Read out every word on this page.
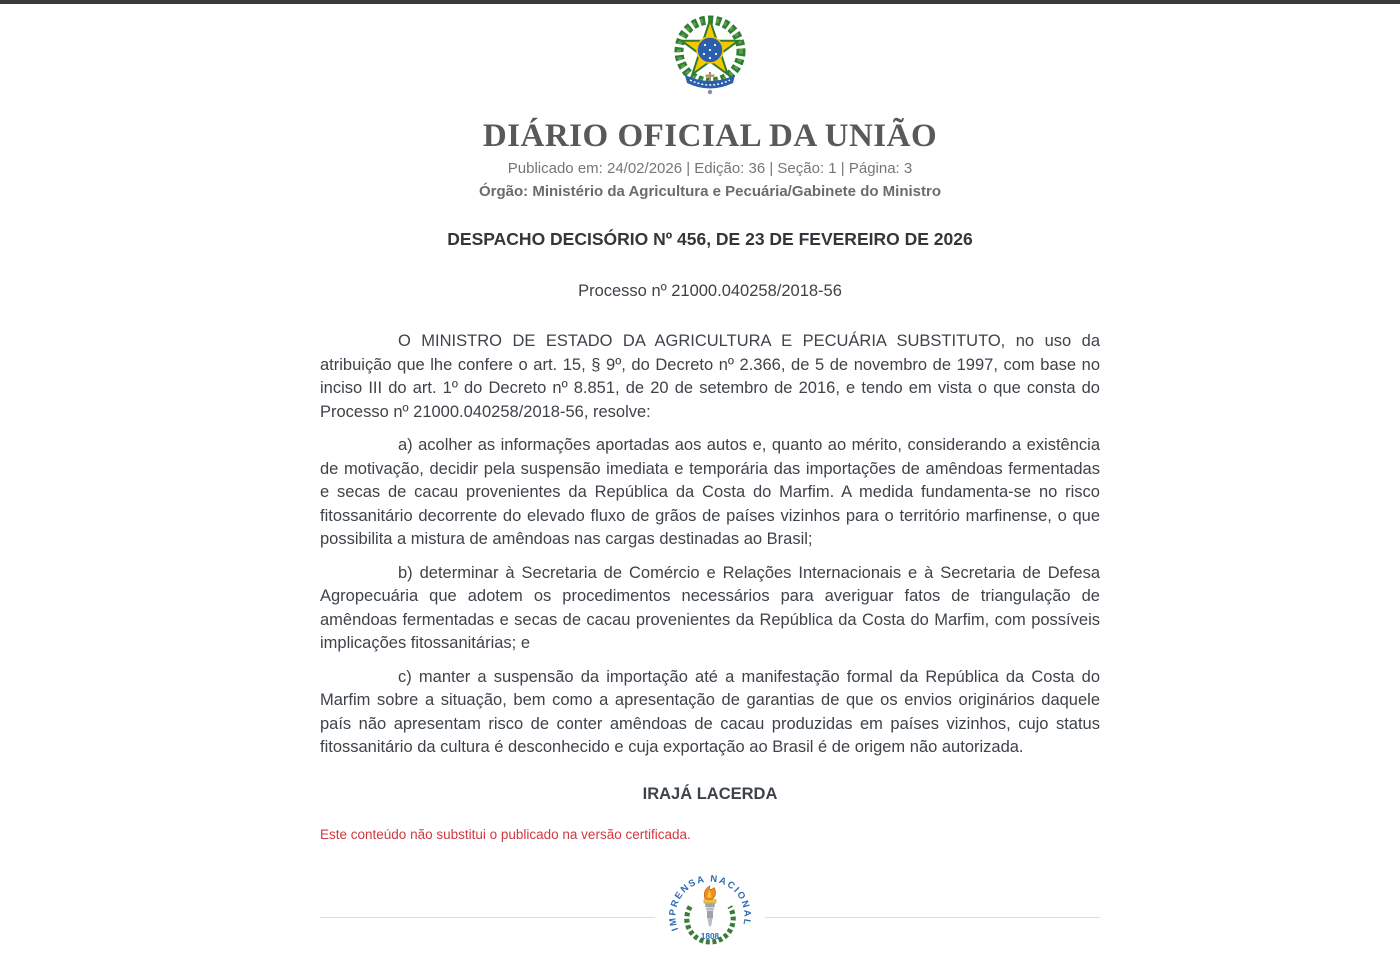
DIÁRIO OFICIAL DA UNIÃO
Publicado em: 24/02/2026 | Edição: 36 | Seção: 1 | Página: 3
Órgão: Ministério da Agricultura e Pecuária/Gabinete do Ministro
DESPACHO DECISÓRIO Nº 456, DE 23 DE FEVEREIRO DE 2026

Processo nº 21000.040258/2018-56

O MINISTRO DE ESTADO DA AGRICULTURA E PECUÁRIA SUBSTITUTO, no uso da atribuição que lhe confere o art. 15, § 9º, do Decreto nº 2.366, de 5 de novembro de 1997, com base no inciso III do art. 1º do Decreto nº 8.851, de 20 de setembro de 2016, e tendo em vista o que consta do Processo nº 21000.040258/2018-56, resolve:

a) acolher as informações aportadas aos autos e, quanto ao mérito, considerando a existência de motivação, decidir pela suspensão imediata e temporária das importações de amêndoas fermentadas e secas de cacau provenientes da República da Costa do Marfim. A medida fundamenta-se no risco fitossanitário decorrente do elevado fluxo de grãos de países vizinhos para o território marfinense, o que possibilita a mistura de amêndoas nas cargas destinadas ao Brasil;

b) determinar à Secretaria de Comércio e Relações Internacionais e à Secretaria de Defesa Agropecuária que adotem os procedimentos necessários para averiguar fatos de triangulação de amêndoas fermentadas e secas de cacau provenientes da República da Costa do Marfim, com possíveis implicações fitossanitárias; e

c) manter a suspensão da importação até a manifestação formal da República da Costa do Marfim sobre a situação, bem como a apresentação de garantias de que os envios originários daquele país não apresentam risco de conter amêndoas de cacau produzidas em países vizinhos, cujo status fitossanitário da cultura é desconhecido e cuja exportação ao Brasil é de origem não autorizada.

IRAJÁ LACERDA

Este conteúdo não substitui o publicado na versão certificada.

IMPRENSA NACIONAL
1808
